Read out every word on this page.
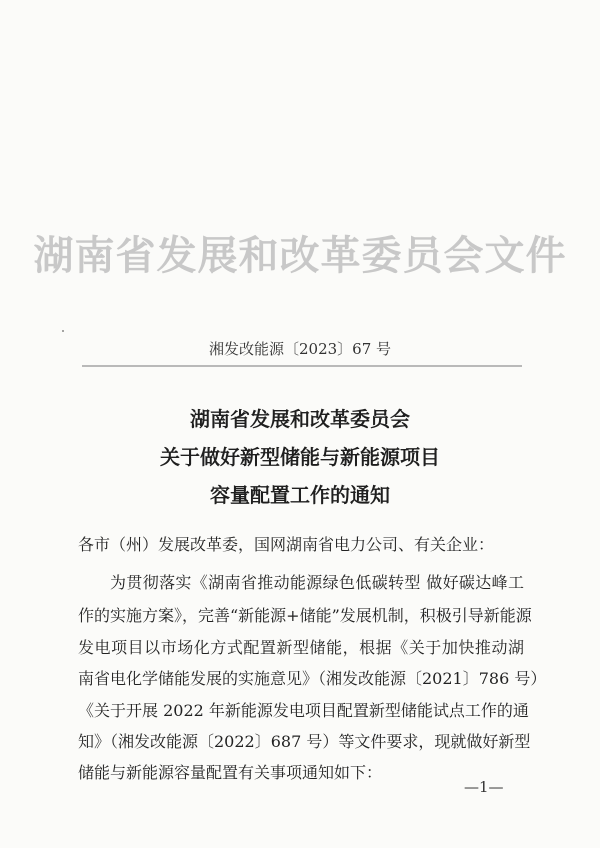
湖南省发展和改革委员会文件
湘发改能源〔2023〕67 号
湖南省发展和改革委员会
关于做好新型储能与新能源项目
容量配置工作的通知
各市（州）发展改革委，国网湖南省电力公司、有关企业：
为贯彻落实《湖南省推动能源绿色低碳转型 做好碳达峰工
作的实施方案》，完善“新能源+储能”发展机制，积极引导新能源
发电项目以市场化方式配置新型储能，根据《关于加快推动湖
南省电化学储能发展的实施意见》（湘发改能源〔2021〕786 号）
《关于开展 2022 年新能源发电项目配置新型储能试点工作的通
知》（湘发改能源〔2022〕687 号）等文件要求，现就做好新型
储能与新能源容量配置有关事项通知如下：
—1—
